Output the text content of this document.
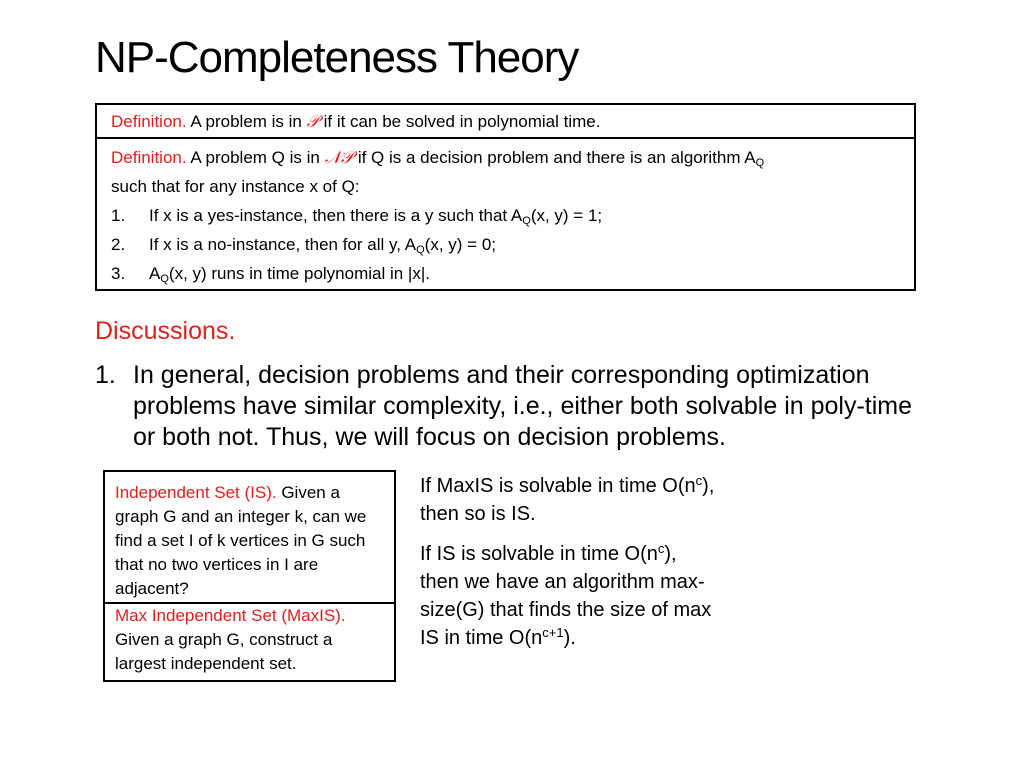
NP-Completeness Theory
Definition. A problem is in 𝒫 if it can be solved in polynomial time.
Definition. A problem Q is in 𝒩𝒫 if Q is a decision problem and there is an algorithm $A_Q$
such that for any instance x of Q:
1.	If x is a yes-instance, then there is a y such that $A_Q(x$, y) = 1;
2.	If x is a no-instance, then for all y, $A_Q(x$, y) = 0;
3.	$A_Q(x$, y) runs in time polynomial in |x|.
Discussions.
1. In general, decision problems and their corresponding optimization problems have similar complexity, i.e., either both solvable in poly-time or both not. Thus, we will focus on decision problems.
Independent Set (IS). Given a graph G and an integer k, can we find a set I of k vertices in G such that no two vertices in I are adjacent?
Max Independent Set (MaxIS). Given a graph G, construct a largest independent set.

If MaxIS is solvable in time $O(n^c)$, then so is IS.

If IS is solvable in time $O(n^c)$, then we have an algorithm max-size(G) that finds the size of max IS in time $O(n^{c+1})$.
